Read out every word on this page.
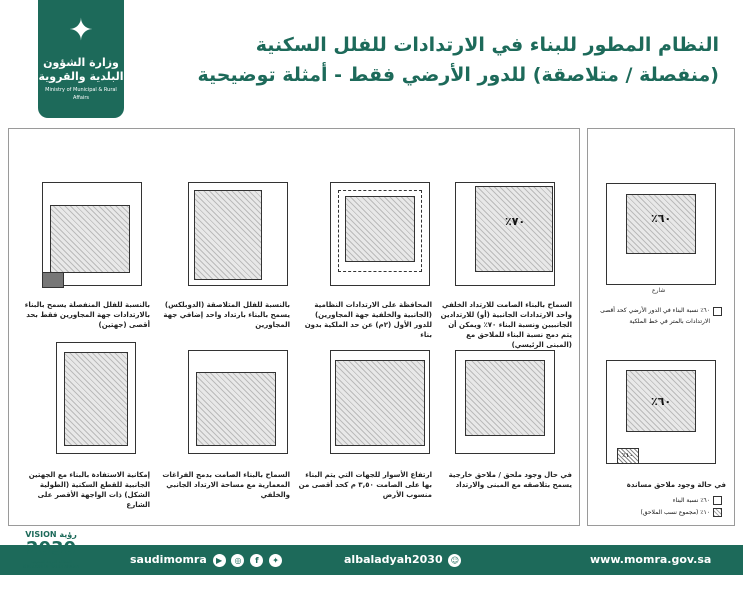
✦
وزارة الشؤون البلدية والقروية
Ministry of Municipal & Rural Affairs
النظام المطور للبناء في الارتدادات للفلل السكنية
(منفصلة / متلاصقة) للدور الأرضي فقط - أمثلة توضيحية
٦٠٪
شارع
٦٠٪ نسبة البناء في الدور الأرضي كحد أقصى
الارتدادات بالمتر في خط الملكية
٦٠٪
١٠٪
في حالة وجود ملاحق مساندة
٦٠٪ نسبة البناء
١٠٪ (مجموع نسب الملاحق)
٧٠٪
السماح بالبناء الصامت للارتداد الخلفي واحد الارتدادات الجانبية (أو) للارتدادين الجانبيين ونسبة البناء ٧٠٪ ويمكن أن يتم دمج نسبة البناء للملاحق مع (المبنى الرئيسي)
المحافظة على الارتدادات النظامية (الجانبية والخلفية جهة المجاورين) للدور الأول (٢م) عن حد الملكية بدون بناء
بالنسبة للفلل المتلاصقة (الدوبلكس) يسمح بالبناء بارتداد واحد إضافي جهة المجاورين
بالنسبة للفلل المنفصلة يسمح بالبناء بالارتدادات جهة المجاورين فقط بحد أقصى (جهتين)
في حال وجود ملحق / ملاحق خارجية يسمح بتلاصقه مع المبنى والارتداد
ارتفاع الأسوار للجهات التي يتم البناء بها على الصامت ٣,٥٠ م كحد أقصى من منسوب الأرض
السماح بالبناء الصامت بدمج الفراغات المعمارية مع مساحة الارتداد الجانبي والخلفي
إمكانية الاستفادة بالبناء مع الجهتين الجانبية للقطع السكنية (الطولية الشكل) ذات الواجهة الأقصر على الشارع
VISION رؤية
2030
المملكة العربية السعودية KINGDOM OF SAUDI ARABIA
saudimomra ▶ ◎ f ✦	albaladyah2030 ☺	www.momra.gov.sa
